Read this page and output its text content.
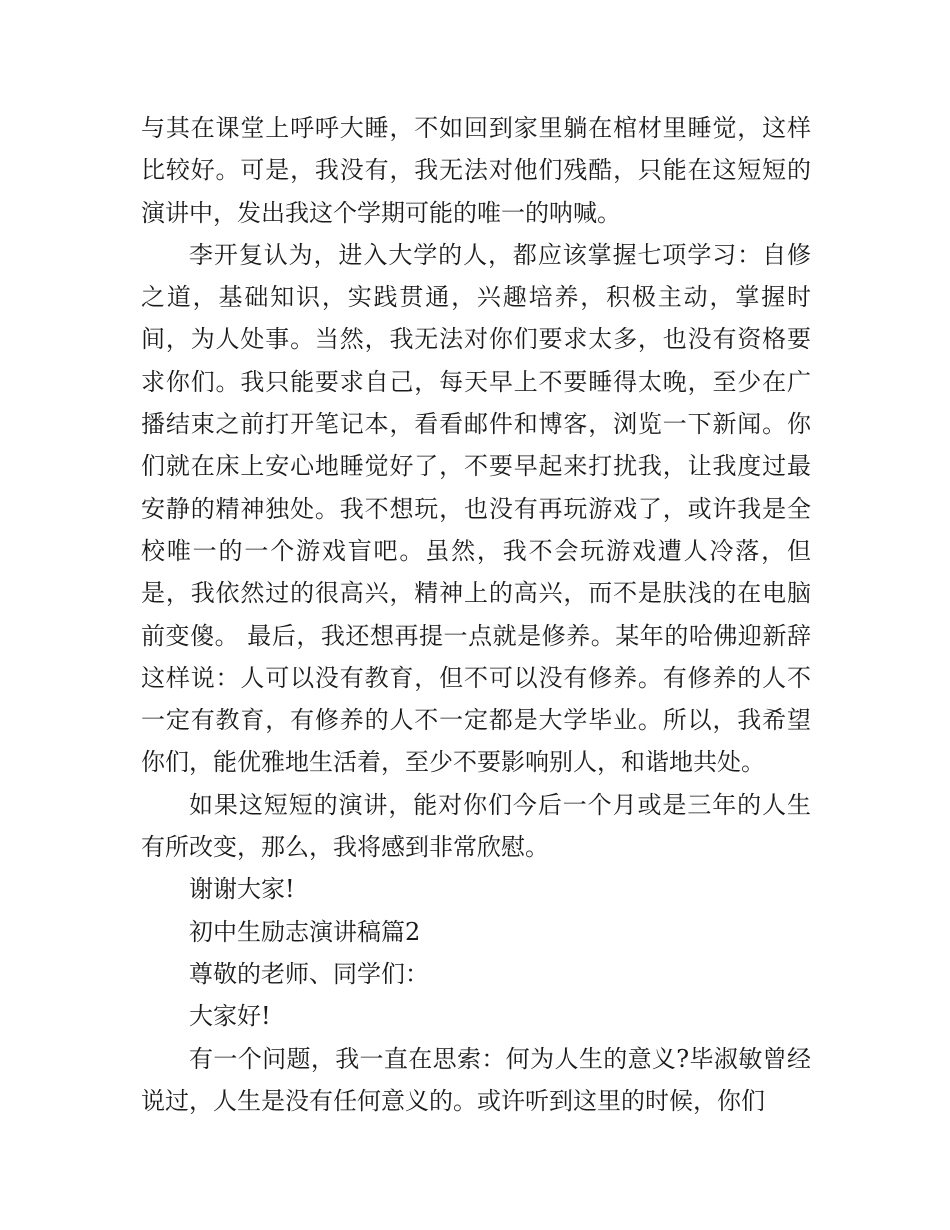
与其在课堂上呼呼大睡，不如回到家里躺在棺材里睡觉，这样比较好。可是，我没有，我无法对他们残酷，只能在这短短的演讲中，发出我这个学期可能的唯一的呐喊。

李开复认为，进入大学的人，都应该掌握七项学习：自修之道，基础知识，实践贯通，兴趣培养，积极主动，掌握时间，为人处事。当然，我无法对你们要求太多，也没有资格要求你们。我只能要求自己，每天早上不要睡得太晚，至少在广播结束之前打开笔记本，看看邮件和博客，浏览一下新闻。你们就在床上安心地睡觉好了，不要早起来打扰我，让我度过最安静的精神独处。我不想玩，也没有再玩游戏了，或许我是全校唯一的一个游戏盲吧。虽然，我不会玩游戏遭人冷落，但是，我依然过的很高兴，精神上的高兴，而不是肤浅的在电脑前变傻。 最后，我还想再提一点就是修养。某年的哈佛迎新辞这样说：人可以没有教育，但不可以没有修养。有修养的人不一定有教育，有修养的人不一定都是大学毕业。所以，我希望你们，能优雅地生活着，至少不要影响别人，和谐地共处。

如果这短短的演讲，能对你们今后一个月或是三年的人生有所改变，那么，我将感到非常欣慰。

谢谢大家!

初中生励志演讲稿篇2

尊敬的老师、同学们：

大家好!

有一个问题，我一直在思索：何为人生的意义?毕淑敏曾经说过，人生是没有任何意义的。或许听到这里的时候，你们
